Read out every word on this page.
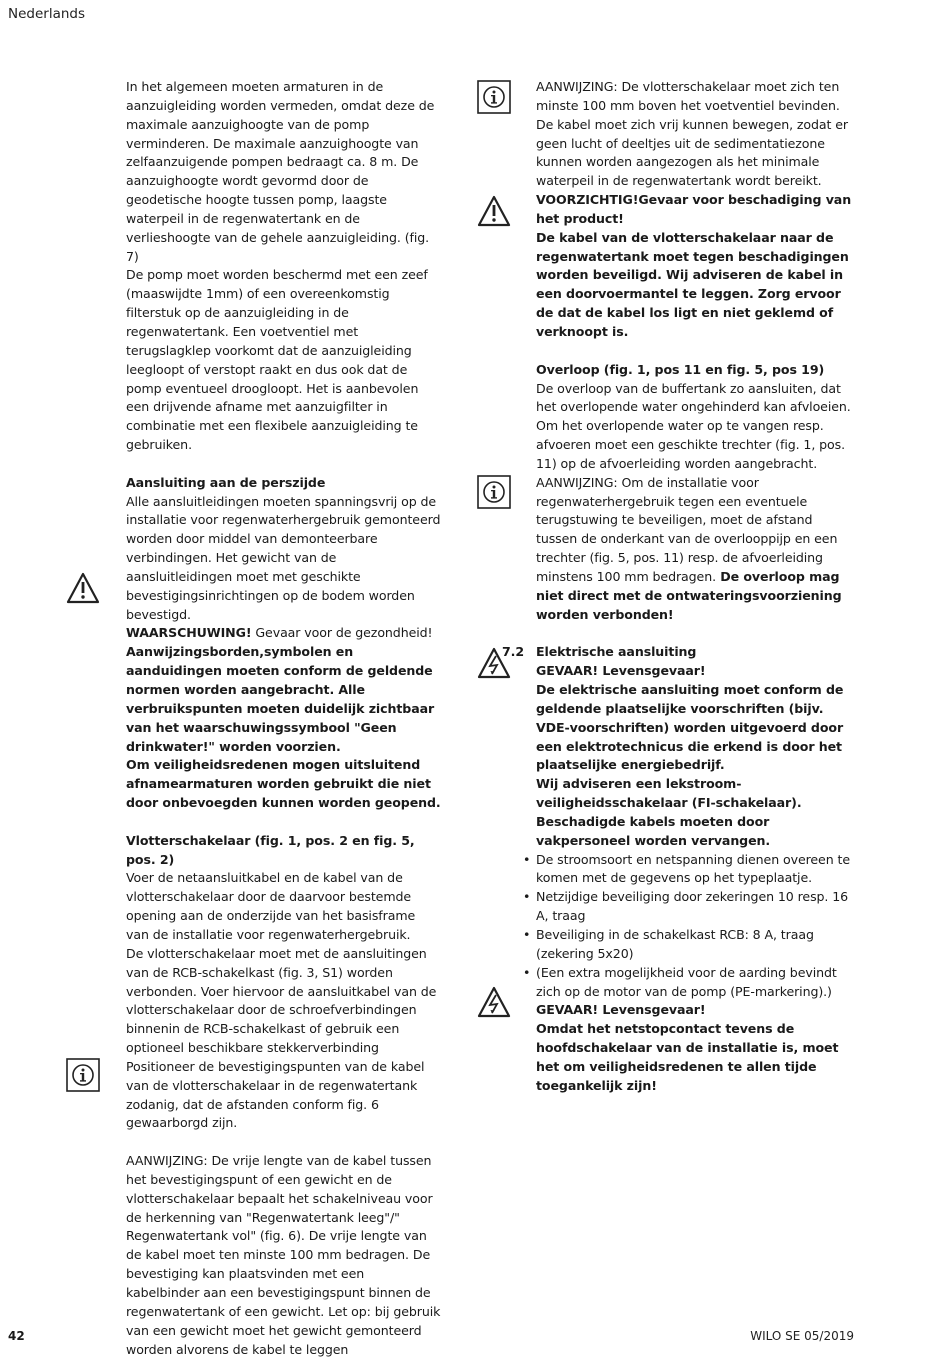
Nederlands

In het algemeen moeten armaturen in de aanzuigleiding worden vermeden, omdat deze de maximale aanzuighoogte van de pomp verminderen. De maximale aanzuighoogte van zelfaanzuigende pompen bedraagt ca. 8 m. De aanzuighoogte wordt gevormd door de geodetische hoogte tussen pomp, laagste waterpeil in de regenwatertank en de verlieshoogte van de gehele aanzuigleiding. (fig. 7)

De pomp moet worden beschermd met een zeef (maaswijdte 1mm) of een overeenkomstig filterstuk op de aanzuigleiding in de regenwatertank. Een voetventiel met terugslagklep voorkomt dat de aanzuigleiding leegloopt of verstopt raakt en dus ook dat de pomp eventueel droogloopt. Het is aanbevolen een drijvende afname met aanzuigfilter in combinatie met een flexibele aanzuigleiding te gebruiken.

Aansluiting aan de perszijde

Alle aansluitleidingen moeten spanningsvrij op de installatie voor regenwaterhergebruik gemonteerd worden door middel van demonteerbare verbindingen. Het gewicht van de aansluitleidingen moet met geschikte bevestigingsinrichtingen op de bodem worden bevestigd.

WAARSCHUWING! Gevaar voor de gezondheid!

Aanwijzingsborden,symbolen en aanduidingen moeten conform de geldende normen worden aangebracht. Alle verbruikspunten moeten duidelijk zichtbaar van het waarschuwingssymbool "Geen drinkwater!" worden voorzien.

Om veiligheidsredenen mogen uitsluitend afnamearmaturen worden gebruikt die niet door onbevoegden kunnen worden geopend.

Vlotterschakelaar (fig. 1, pos. 2 en fig. 5, pos. 2)

Voer de netaansluitkabel en de kabel van de vlotterschakelaar door de daarvoor bestemde opening aan de onderzijde van het basisframe van de installatie voor regenwaterhergebruik.

De vlotterschakelaar moet met de aansluitingen van de RCB-schakelkast (fig. 3, S1) worden verbonden. Voer hiervoor de aansluitkabel van de vlotterschakelaar door de schroefverbindingen binnenin de RCB-schakelkast of gebruik een optioneel beschikbare stekkerverbinding

Positioneer de bevestigingspunten van de kabel van de vlotterschakelaar in de regenwatertank zodanig, dat de afstanden conform fig. 6 gewaarborgd zijn.

AANWIJZING: De vrije lengte van de kabel tussen het bevestigingspunt of een gewicht en de vlotterschakelaar bepaalt het schakelniveau voor de herkenning van "Regenwatertank leeg"/" Regenwatertank vol" (fig. 6). De vrije lengte van de kabel moet ten minste 100 mm bedragen. De bevestiging kan plaatsvinden met een kabelbinder aan een bevestigingspunt binnen de regenwatertank of een gewicht. Let op: bij gebruik van een gewicht moet het gewicht gemonteerd worden alvorens de kabel te leggen

AANWIJZING: De vlotterschakelaar moet zich ten minste 100 mm boven het voetventiel bevinden. De kabel moet zich vrij kunnen bewegen, zodat er geen lucht of deeltjes uit de sedimentatiezone kunnen worden aangezogen als het minimale waterpeil in de regenwatertank wordt bereikt.

VOORZICHTIG!Gevaar voor beschadiging van het product!

De kabel van de vlotterschakelaar naar de regenwatertank moet tegen beschadigingen worden beveiligd. Wij adviseren de kabel in een doorvoermantel te leggen. Zorg ervoor de dat de kabel los ligt en niet geklemd of verknoopt is.

Overloop (fig. 1, pos 11 en fig. 5, pos 19)

De overloop van de buffertank zo aansluiten, dat het overlopende water ongehinderd kan afvloeien. Om het overlopende water op te vangen resp. afvoeren moet een geschikte trechter (fig. 1, pos. 11) op de afvoerleiding worden aangebracht.

AANWIJZING: Om de installatie voor regenwaterhergebruik tegen een eventuele terugstuwing te beveiligen, moet de afstand tussen de onderkant van de overlooppijp en een trechter (fig. 5, pos. 11) resp. de afvoerleiding minstens 100 mm bedragen. De overloop mag niet direct met de ontwateringsvoorziening worden verbonden!

7.2 Elektrische aansluiting

GEVAAR! Levensgevaar!

De elektrische aansluiting moet conform de geldende plaatselijke voorschriften (bijv. VDE-voorschriften) worden uitgevoerd door een elektrotechnicus die erkend is door het plaatselijke energiebedrijf.

Wij adviseren een lekstroom-veiligheidsschakelaar (FI-schakelaar).

Beschadigde kabels moeten door vakpersoneel worden vervangen.

• De stroomsoort en netspanning dienen overeen te komen met de gegevens op het typeplaatje.
• Netzijdige beveiliging door zekeringen 10 resp. 16 A, traag
• Beveiliging in de schakelkast RCB: 8 A, traag (zekering 5x20)
• (Een extra mogelijkheid voor de aarding bevindt zich op de motor van de pomp (PE-markering).)

GEVAAR! Levensgevaar!

Omdat het netstopcontact tevens de hoofdschakelaar van de installatie is, moet het om veiligheidsredenen te allen tijde toegankelijk zijn!

42	WILO SE 05/2019
